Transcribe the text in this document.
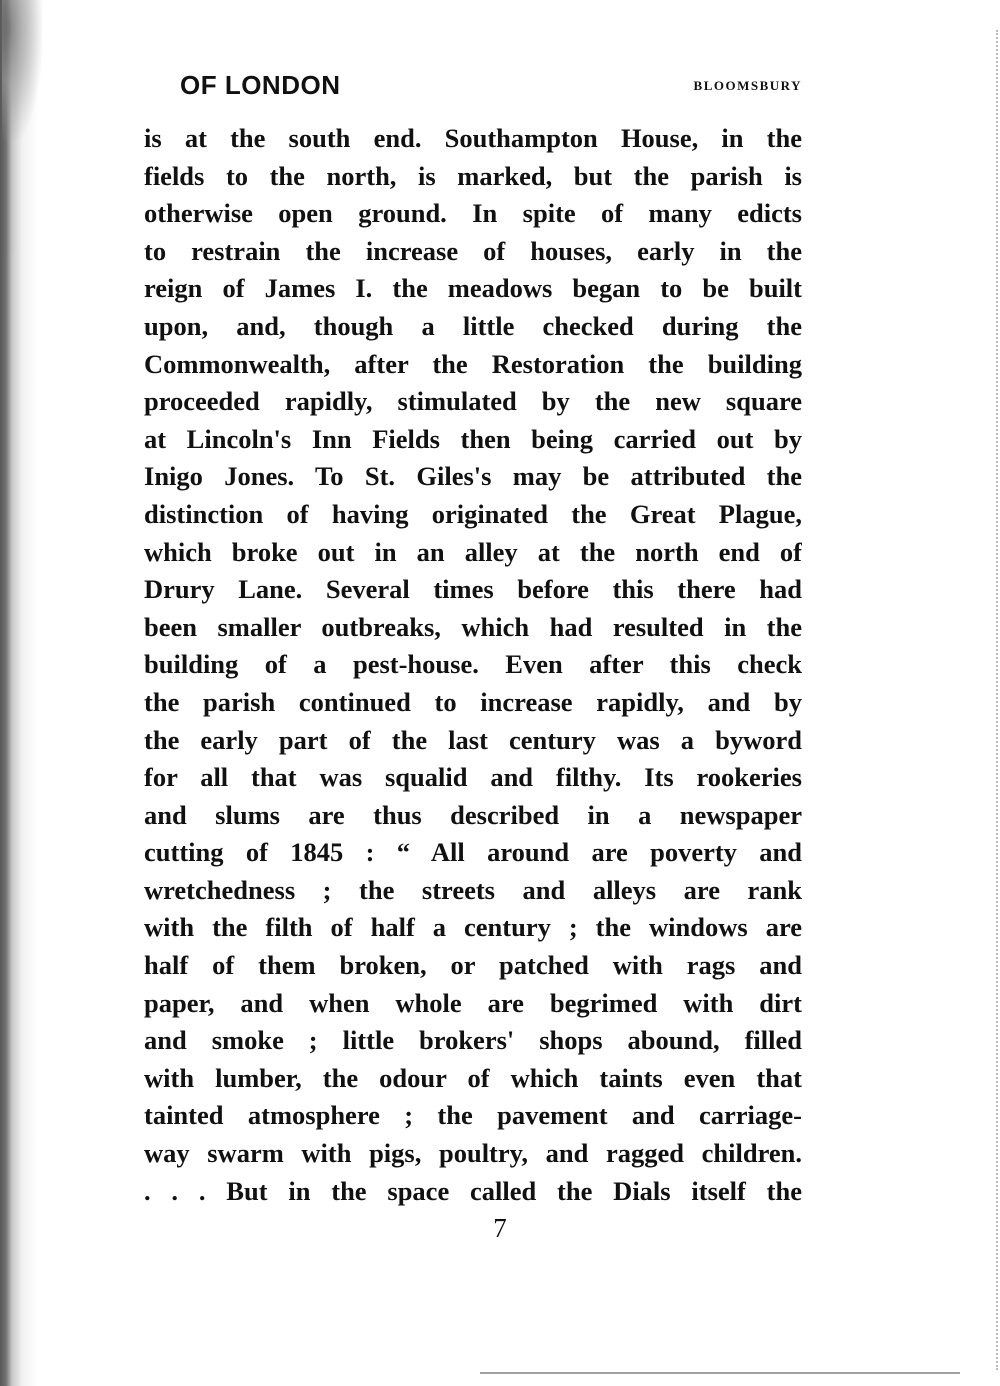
OF LONDON	BLOOMSBURY
is at the south end. Southampton House, in the
fields to the north, is marked, but the parish is
otherwise open ground. In spite of many edicts
to restrain the increase of houses, early in the
reign of James I. the meadows began to be built
upon, and, though a little checked during the
Commonwealth, after the Restoration the building
proceeded rapidly, stimulated by the new square
at Lincoln's Inn Fields then being carried out by
Inigo Jones. To St. Giles's may be attributed the
distinction of having originated the Great Plague,
which broke out in an alley at the north end of
Drury Lane. Several times before this there had
been smaller outbreaks, which had resulted in the
building of a pest-house. Even after this check
the parish continued to increase rapidly, and by
the early part of the last century was a byword
for all that was squalid and filthy. Its rookeries
and slums are thus described in a newspaper
cutting of 1845 : “ All around are poverty and
wretchedness ; the streets and alleys are rank
with the filth of half a century ; the windows are
half of them broken, or patched with rags and
paper, and when whole are begrimed with dirt
and smoke ; little brokers' shops abound, filled
with lumber, the odour of which taints even that
tainted atmosphere ; the pavement and carriage-
way swarm with pigs, poultry, and ragged children.
. . . But in the space called the Dials itself the
7
